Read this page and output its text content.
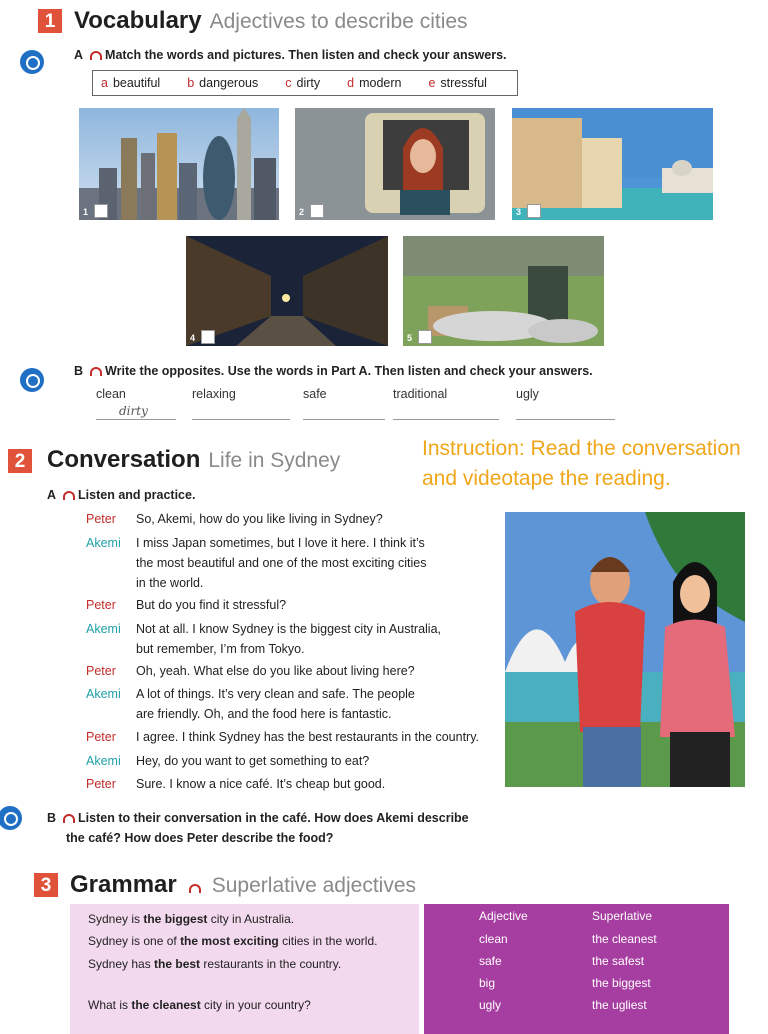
1 Vocabulary Adjectives to describe cities
A Match the words and pictures. Then listen and check your answers.
a beautiful b dangerous c dirty d modern e stressful
1	2	3
4	5
B Write the opposites. Use the words in Part A. Then listen and check your answers.
clean	relaxing	safe	traditional	ugly
dirty
2 Conversation Life in Sydney
Instruction: Read the conversation and videotape the reading.
A Listen and practice.
Peter	So, Akemi, how do you like living in Sydney?
Akemi	I miss Japan sometimes, but I love it here. I think it’s
the most beautiful and one of the most exciting cities
in the world.
Peter	But do you find it stressful?
Akemi	Not at all. I know Sydney is the biggest city in Australia,
but remember, I’m from Tokyo.
Peter	Oh, yeah. What else do you like about living here?
Akemi	A lot of things. It’s very clean and safe. The people
are friendly. Oh, and the food here is fantastic.
Peter	I agree. I think Sydney has the best restaurants in the country.
Akemi	Hey, do you want to get something to eat?
Peter	Sure. I know a nice café. It’s cheap but good.
B Listen to their conversation in the café. How does Akemi describe
the café? How does Peter describe the food?
3 Grammar Superlative adjectives
Sydney is the biggest city in Australia.
Sydney is one of the most exciting cities in the world.
Sydney has the best restaurants in the country.
What is the cleanest city in your country?
Adjective	Superlative
clean	the cleanest
safe	the safest
big	the biggest
ugly	the ugliest
